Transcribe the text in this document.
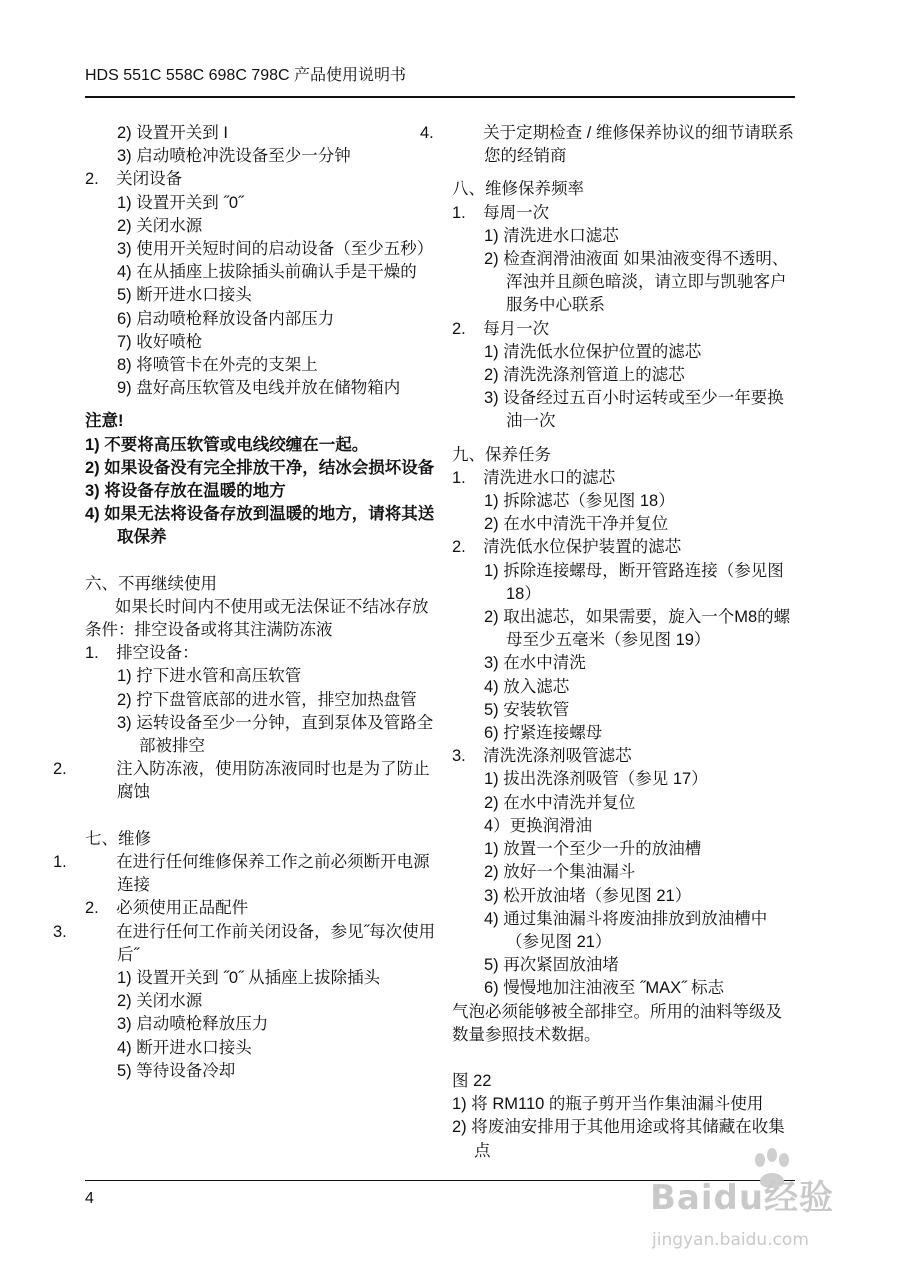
HDS 551C 558C 698C 798C 产品使用说明书
2) 设置开关到 I
3) 启动喷枪冲洗设备至少一分钟
2. 关闭设备
1) 设置开关到 ˝0˝
2) 关闭水源
3) 使用开关短时间的启动设备（至少五秒）
4) 在从插座上拔除插头前确认手是干燥的
5) 断开进水口接头
6) 启动喷枪释放设备内部压力
7) 收好喷枪
8) 将喷管卡在外壳的支架上
9) 盘好高压软管及电线并放在储物箱内
注意!
1) 不要将高压软管或电线绞缠在一起。
2) 如果设备没有完全排放干净，结冰会损坏设备
3) 将设备存放在温暖的地方
4) 如果无法将设备存放到温暖的地方，请将其送取保养
六、不再继续使用
如果长时间内不使用或无法保证不结冰存放条件：排空设备或将其注满防冻液
1. 排空设备：
1) 拧下进水管和高压软管
2) 拧下盘管底部的进水管，排空加热盘管
3) 运转设备至少一分钟，直到泵体及管路全部被排空
2.	注入防冻液，使用防冻液同时也是为了防止腐蚀
七、维修
1.	在进行任何维修保养工作之前必须断开电源连接
2. 必须使用正品配件
3.	在进行任何工作前关闭设备，参见˝每次使用后˝
1) 设置开关到 ˝0˝ 从插座上拔除插头
2) 关闭水源
3) 启动喷枪释放压力
4) 断开进水口接头
5) 等待设备冷却
4.	关于定期检查 / 维修保养协议的细节请联系您的经销商
八、维修保养频率
1. 每周一次
1) 清洗进水口滤芯
2) 检查润滑油液面 如果油液变得不透明、浑浊并且颜色暗淡，请立即与凯驰客户服务中心联系
2. 每月一次
1) 清洗低水位保护位置的滤芯
2) 清洗洗涤剂管道上的滤芯
3) 设备经过五百小时运转或至少一年要换油一次
九、保养任务
1. 清洗进水口的滤芯
1) 拆除滤芯（参见图 18）
2) 在水中清洗干净并复位
2. 清洗低水位保护装置的滤芯
1) 拆除连接螺母，断开管路连接（参见图 18）
2) 取出滤芯，如果需要，旋入一个M8的螺母至少五毫米（参见图 19）
3) 在水中清洗
4) 放入滤芯
5) 安装软管
6) 拧紧连接螺母
3. 清洗洗涤剂吸管滤芯
1) 拔出洗涤剂吸管（参见 17）
2) 在水中清洗并复位
4）更换润滑油
1) 放置一个至少一升的放油槽
2) 放好一个集油漏斗
3) 松开放油堵（参见图 21）
4) 通过集油漏斗将废油排放到放油槽中（参见图 21）
5) 再次紧固放油堵
6) 慢慢地加注油液至 ˝MAX˝ 标志
气泡必须能够被全部排空。所用的油料等级及数量参照技术数据。
图 22
1) 将 RM110 的瓶子剪开当作集油漏斗使用
2) 将废油安排用于其他用途或将其储藏在收集点
4	Baidu经验
jingyan.baidu.com
